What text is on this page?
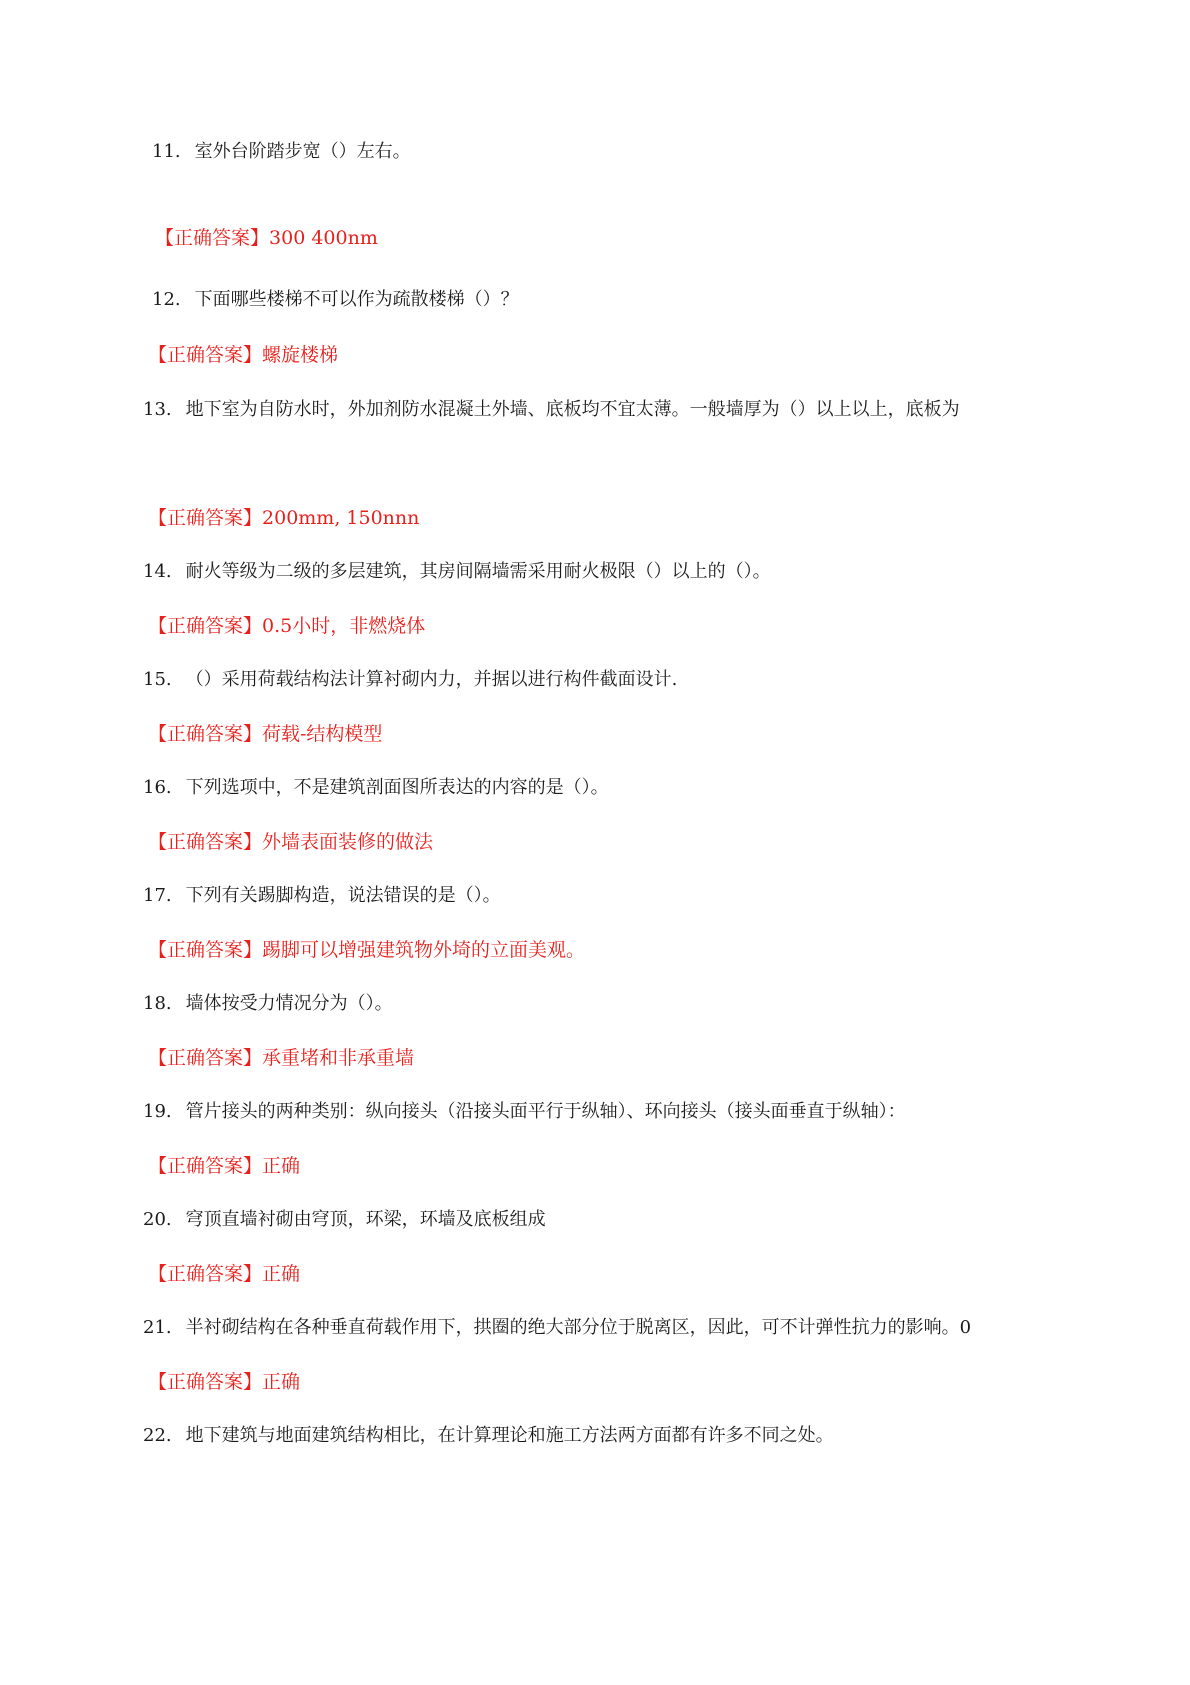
11. 室外台阶踏步宽（）左右。
【正确答案】300 400nm
12. 下面哪些楼梯不可以作为疏散楼梯（）？
【正确答案】螺旋楼梯
13. 地下室为自防水时，外加剂防水混凝土外墙、底板均不宜太薄。一般墙厚为（）以上以上，底板为
【正确答案】200mm, 150nnn
14. 耐火等级为二级的多层建筑，其房间隔墙需采用耐火极限（）以上的（）。
【正确答案】0.5小时，非燃烧体
15. （）采用荷载结构法计算衬砌内力，并据以进行构件截面设计.
【正确答案】荷载-结构模型
16. 下列选项中，不是建筑剖面图所表达的内容的是（）。
【正确答案】外墙表面装修的做法
17. 下列有关踢脚构造，说法错误的是（）。
【正确答案】踢脚可以增强建筑物外埼的立面美观。
18. 墙体按受力情况分为（）。
【正确答案】承重堵和非承重墙
19. 管片接头的两种类别：纵向接头（沿接头面平行于纵轴）、环向接头（接头面垂直于纵轴）：
【正确答案】正确
20. 穹顶直墙衬砌由穹顶，环梁，环墙及底板组成
【正确答案】正确
21. 半衬砌结构在各种垂直荷载作用下，拱圈的绝大部分位于脱离区，因此，可不计弹性抗力的影响。0
【正确答案】正确
22. 地下建筑与地面建筑结构相比，在计算理论和施工方法两方面都有许多不同之处。
